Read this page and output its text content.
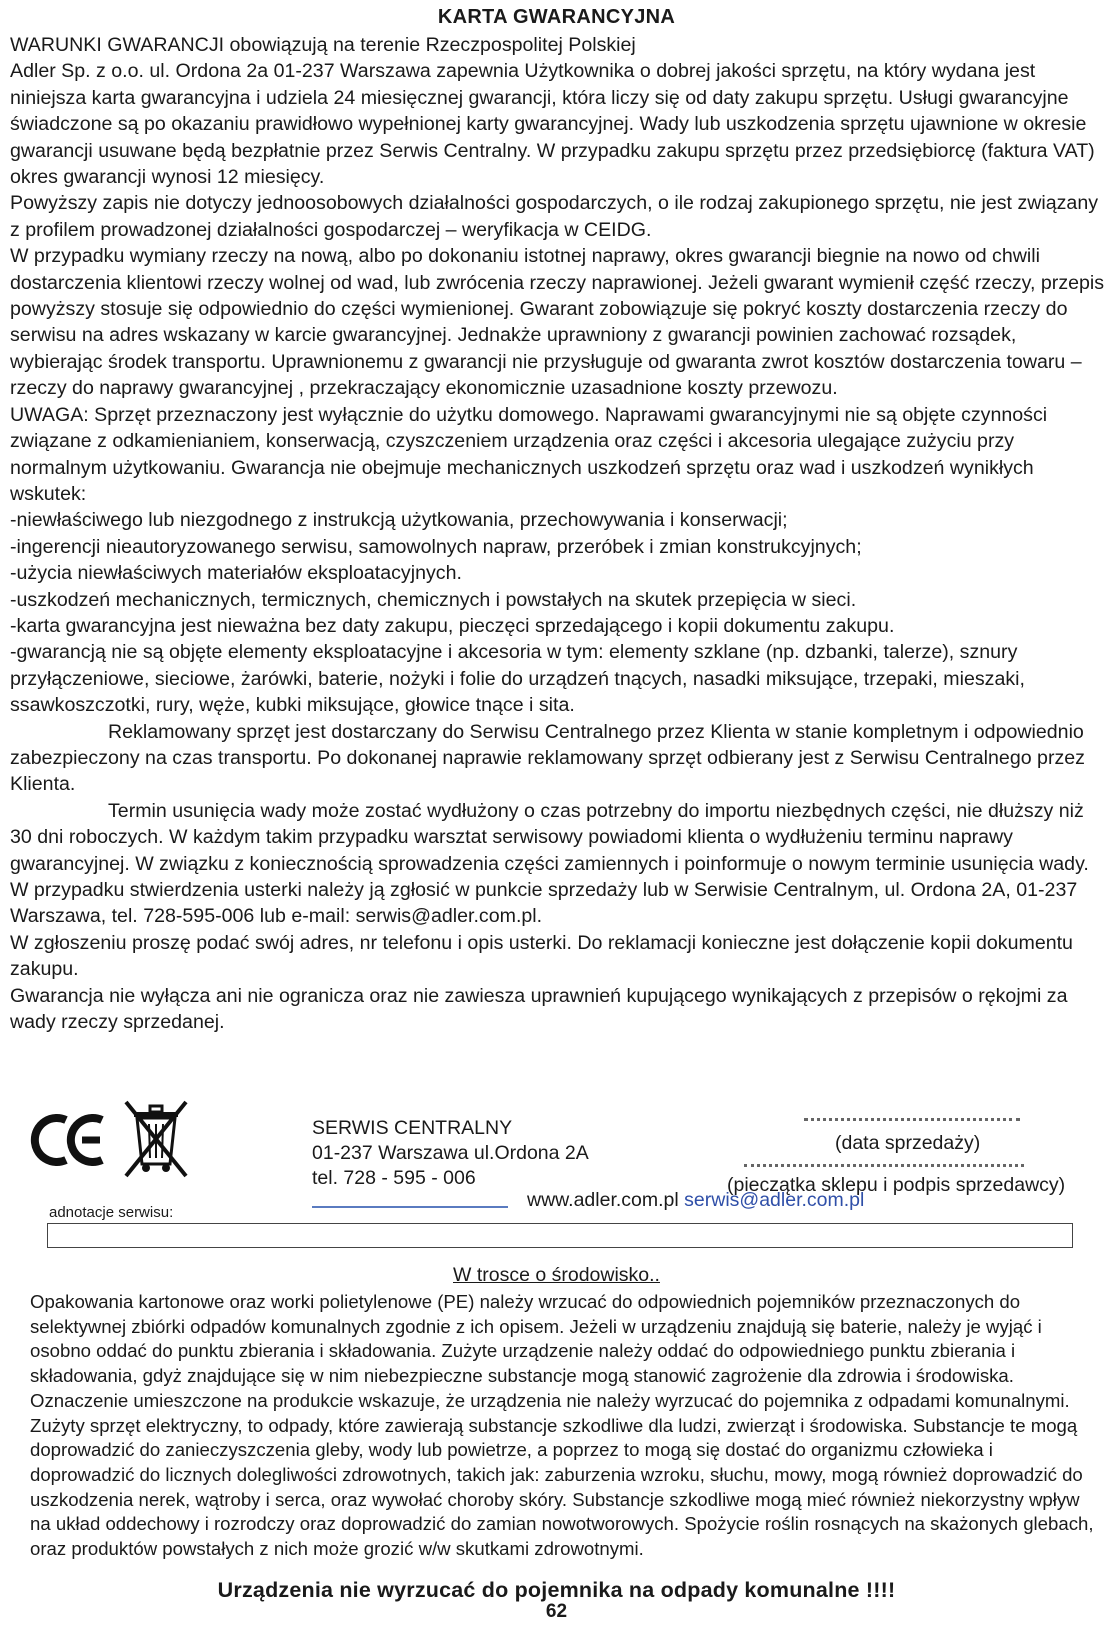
KARTA GWARANCYJNA

WARUNKI GWARANCJI obowiązują na terenie Rzeczpospolitej Polskiej

Adler Sp. z o.o. ul. Ordona 2a 01-237 Warszawa zapewnia Użytkownika o dobrej jakości sprzętu, na który wydana jest niniejsza karta gwarancyjna i udziela 24 miesięcznej gwarancji, która liczy się od daty zakupu sprzętu. Usługi gwarancyjne świadczone są po okazaniu prawidłowo wypełnionej karty gwarancyjnej. Wady lub uszkodzenia sprzętu ujawnione w okresie gwarancji usuwane będą bezpłatnie przez Serwis Centralny. W przypadku zakupu sprzętu przez przedsiębiorcę (faktura VAT) okres gwarancji wynosi 12 miesięcy.

Powyższy zapis nie dotyczy jednoosobowych działalności gospodarczych, o ile rodzaj zakupionego sprzętu, nie jest związany z profilem prowadzonej działalności gospodarczej – weryfikacja w CEIDG.

W przypadku wymiany rzeczy na nową, albo po dokonaniu istotnej naprawy, okres gwarancji biegnie na nowo od chwili dostarczenia klientowi rzeczy wolnej od wad, lub zwrócenia rzeczy naprawionej. Jeżeli gwarant wymienił część rzeczy, przepis powyższy stosuje się odpowiednio do części wymienionej. Gwarant zobowiązuje się pokryć koszty dostarczenia rzeczy do serwisu na adres wskazany w karcie gwarancyjnej. Jednakże uprawniony z gwarancji powinien zachować rozsądek, wybierając środek transportu. Uprawnionemu z gwarancji nie przysługuje od gwaranta zwrot kosztów dostarczenia towaru – rzeczy do naprawy gwarancyjnej , przekraczający ekonomicznie uzasadnione koszty przewozu.

UWAGA: Sprzęt przeznaczony jest wyłącznie do użytku domowego. Naprawami gwarancyjnymi nie są objęte czynności związane z odkamienianiem, konserwacją, czyszczeniem urządzenia oraz części i akcesoria ulegające zużyciu przy normalnym użytkowaniu. Gwarancja nie obejmuje mechanicznych uszkodzeń sprzętu oraz wad i uszkodzeń wynikłych wskutek:

-niewłaściwego lub niezgodnego z instrukcją użytkowania, przechowywania i konserwacji;

-ingerencji nieautoryzowanego serwisu, samowolnych napraw, przeróbek i zmian konstrukcyjnych;

-użycia niewłaściwych materiałów eksploatacyjnych.

-uszkodzeń mechanicznych, termicznych, chemicznych i powstałych na skutek przepięcia w sieci.

-karta gwarancyjna jest nieważna bez daty zakupu, pieczęci sprzedającego i kopii dokumentu zakupu.

-gwarancją nie są objęte elementy eksploatacyjne i akcesoria w tym: elementy szklane (np. dzbanki, talerze), sznury przyłączeniowe, sieciowe, żarówki, baterie, nożyki i folie do urządzeń tnących, nasadki miksujące, trzepaki, mieszaki, ssawkoszczotki, rury, węże, kubki miksujące, głowice tnące i sita.

Reklamowany sprzęt jest dostarczany do Serwisu Centralnego przez Klienta w stanie kompletnym i odpowiednio zabezpieczony na czas transportu. Po dokonanej naprawie reklamowany sprzęt odbierany jest z Serwisu Centralnego przez Klienta.

Termin usunięcia wady może zostać wydłużony o czas potrzebny do importu niezbędnych części, nie dłuższy niż 30 dni roboczych. W każdym takim przypadku warsztat serwisowy powiadomi klienta o wydłużeniu terminu naprawy gwarancyjnej. W związku z koniecznością sprowadzenia części zamiennych i poinformuje o nowym terminie usunięcia wady.

W przypadku stwierdzenia usterki należy ją zgłosić w punkcie sprzedaży lub w Serwisie Centralnym, ul. Ordona 2A, 01-237 Warszawa, tel. 728-595-006 lub e-mail: serwis@adler.com.pl.

W zgłoszeniu proszę podać swój adres, nr telefonu i opis usterki. Do reklamacji konieczne jest dołączenie kopii dokumentu zakupu.

Gwarancja nie wyłącza ani nie ogranicza oraz nie zawiesza uprawnień kupującego wynikających z przepisów o rękojmi za wady rzeczy sprzedanej.

SERWIS CENTRALNY
01-237 Warszawa ul.Ordona 2A
tel. 728 - 595 - 006
(data sprzedaży)
(pieczątka sklepu i podpis sprzedawcy)
www.adler.com.pl serwis@adler.com.pl
adnotacje serwisu:
W trosce o środowisko..

Opakowania kartonowe oraz worki polietylenowe (PE) należy wrzucać do odpowiednich pojemników przeznaczonych do selektywnej zbiórki odpadów komunalnych zgodnie z ich opisem. Jeżeli w urządzeniu znajdują się baterie, należy je wyjąć i osobno oddać do punktu zbierania i składowania. Zużyte urządzenie należy oddać do odpowiedniego punktu zbierania i składowania, gdyż znajdujące się w nim niebezpieczne substancje mogą stanowić zagrożenie dla zdrowia i środowiska. Oznaczenie umieszczone na produkcie wskazuje, że urządzenia nie należy wyrzucać do pojemnika z odpadami komunalnymi.

Zużyty sprzęt elektryczny, to odpady, które zawierają substancje szkodliwe dla ludzi, zwierząt i środowiska. Substancje te mogą doprowadzić do zanieczyszczenia gleby, wody lub powietrze, a poprzez to mogą się dostać do organizmu człowieka i doprowadzić do licznych dolegliwości zdrowotnych, takich jak: zaburzenia wzroku, słuchu, mowy, mogą również doprowadzić do uszkodzenia nerek, wątroby i serca, oraz wywołać choroby skóry. Substancje szkodliwe mogą mieć również niekorzystny wpływ na układ oddechowy i rozrodczy oraz doprowadzić do zamian nowotworowych. Spożycie roślin rosnących na skażonych glebach, oraz produktów powstałych z nich może grozić w/w skutkami zdrowotnymi.

Urządzenia nie wyrzucać do pojemnika na odpady komunalne !!!!
62
